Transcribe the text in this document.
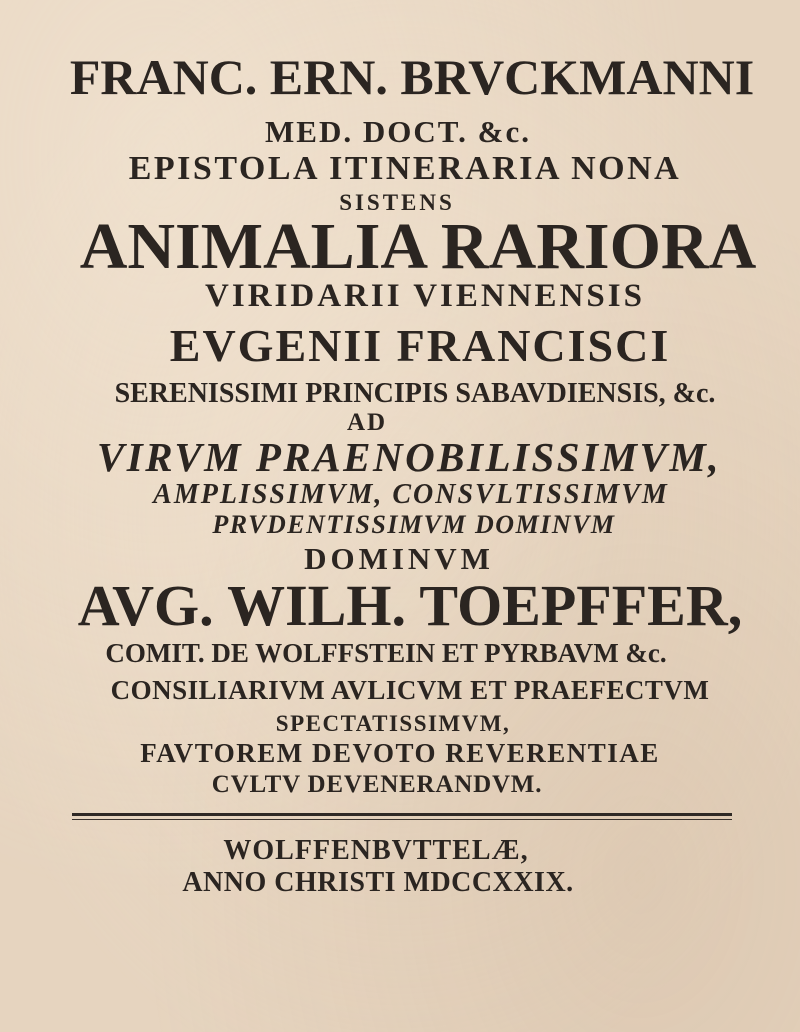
FRANC. ERN. BRVCKMANNI
MED. DOCT. &c.
EPISTOLA ITINERARIA NONA
SISTENS
ANIMALIA RARIORA
VIRIDARII VIENNENSIS
EVGENII FRANCISCI
SERENISSIMI PRINCIPIS SABAVDIENSIS, &c.
AD
VIRVM PRAENOBILISSIMVM,
AMPLISSIMVM, CONSVLTISSIMVM
PRVDENTISSIMVM DOMINVM
DOMINVM
AVG. WILH. TOEPFFER,
COMIT. DE WOLFFSTEIN ET PYRBAVM &c.
CONSILIARIVM AVLICVM ET PRAEFECTVM
SPECTATISSIMVM,
FAVTOREM DEVOTO REVERENTIAE
CVLTV DEVENERANDVM.
WOLFFENBVTTELÆ,
ANNO CHRISTI MDCCXXIX.
